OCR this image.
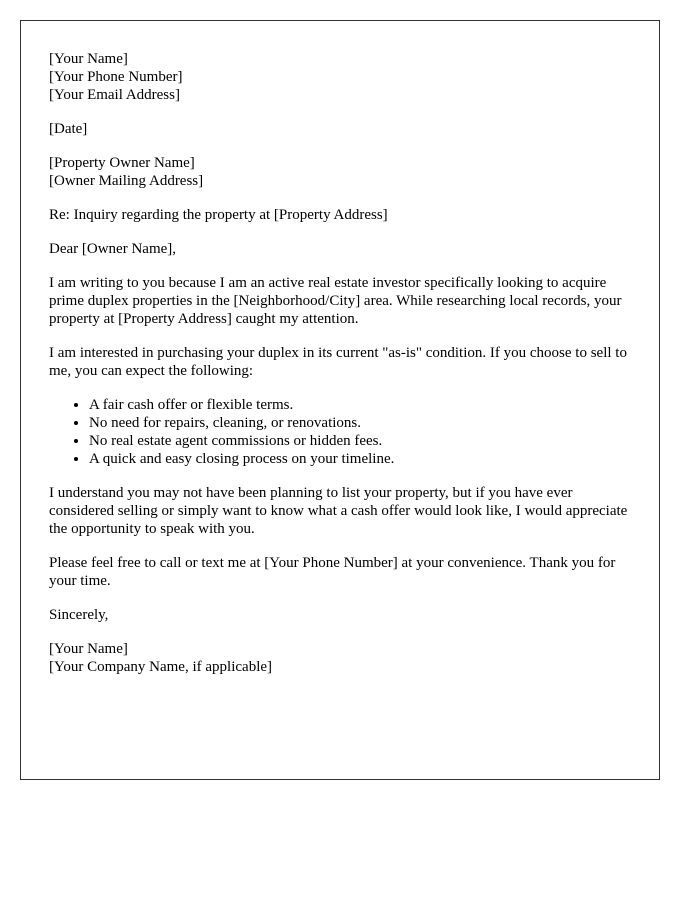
[Your Name]
[Your Phone Number]
[Your Email Address]
[Date]
[Property Owner Name]
[Owner Mailing Address]

Re: Inquiry regarding the property at [Property Address]

Dear [Owner Name],

I am writing to you because I am an active real estate investor specifically looking to acquire prime duplex properties in the [Neighborhood/City] area. While researching local records, your property at [Property Address] caught my attention.

I am interested in purchasing your duplex in its current "as-is" condition. If you choose to sell to me, you can expect the following:

• A fair cash offer or flexible terms.
• No need for repairs, cleaning, or renovations.
• No real estate agent commissions or hidden fees.
• A quick and easy closing process on your timeline.

I understand you may not have been planning to list your property, but if you have ever considered selling or simply want to know what a cash offer would look like, I would appreciate the opportunity to speak with you.

Please feel free to call or text me at [Your Phone Number] at your convenience. Thank you for your time.

Sincerely,

[Your Name]
[Your Company Name, if applicable]
